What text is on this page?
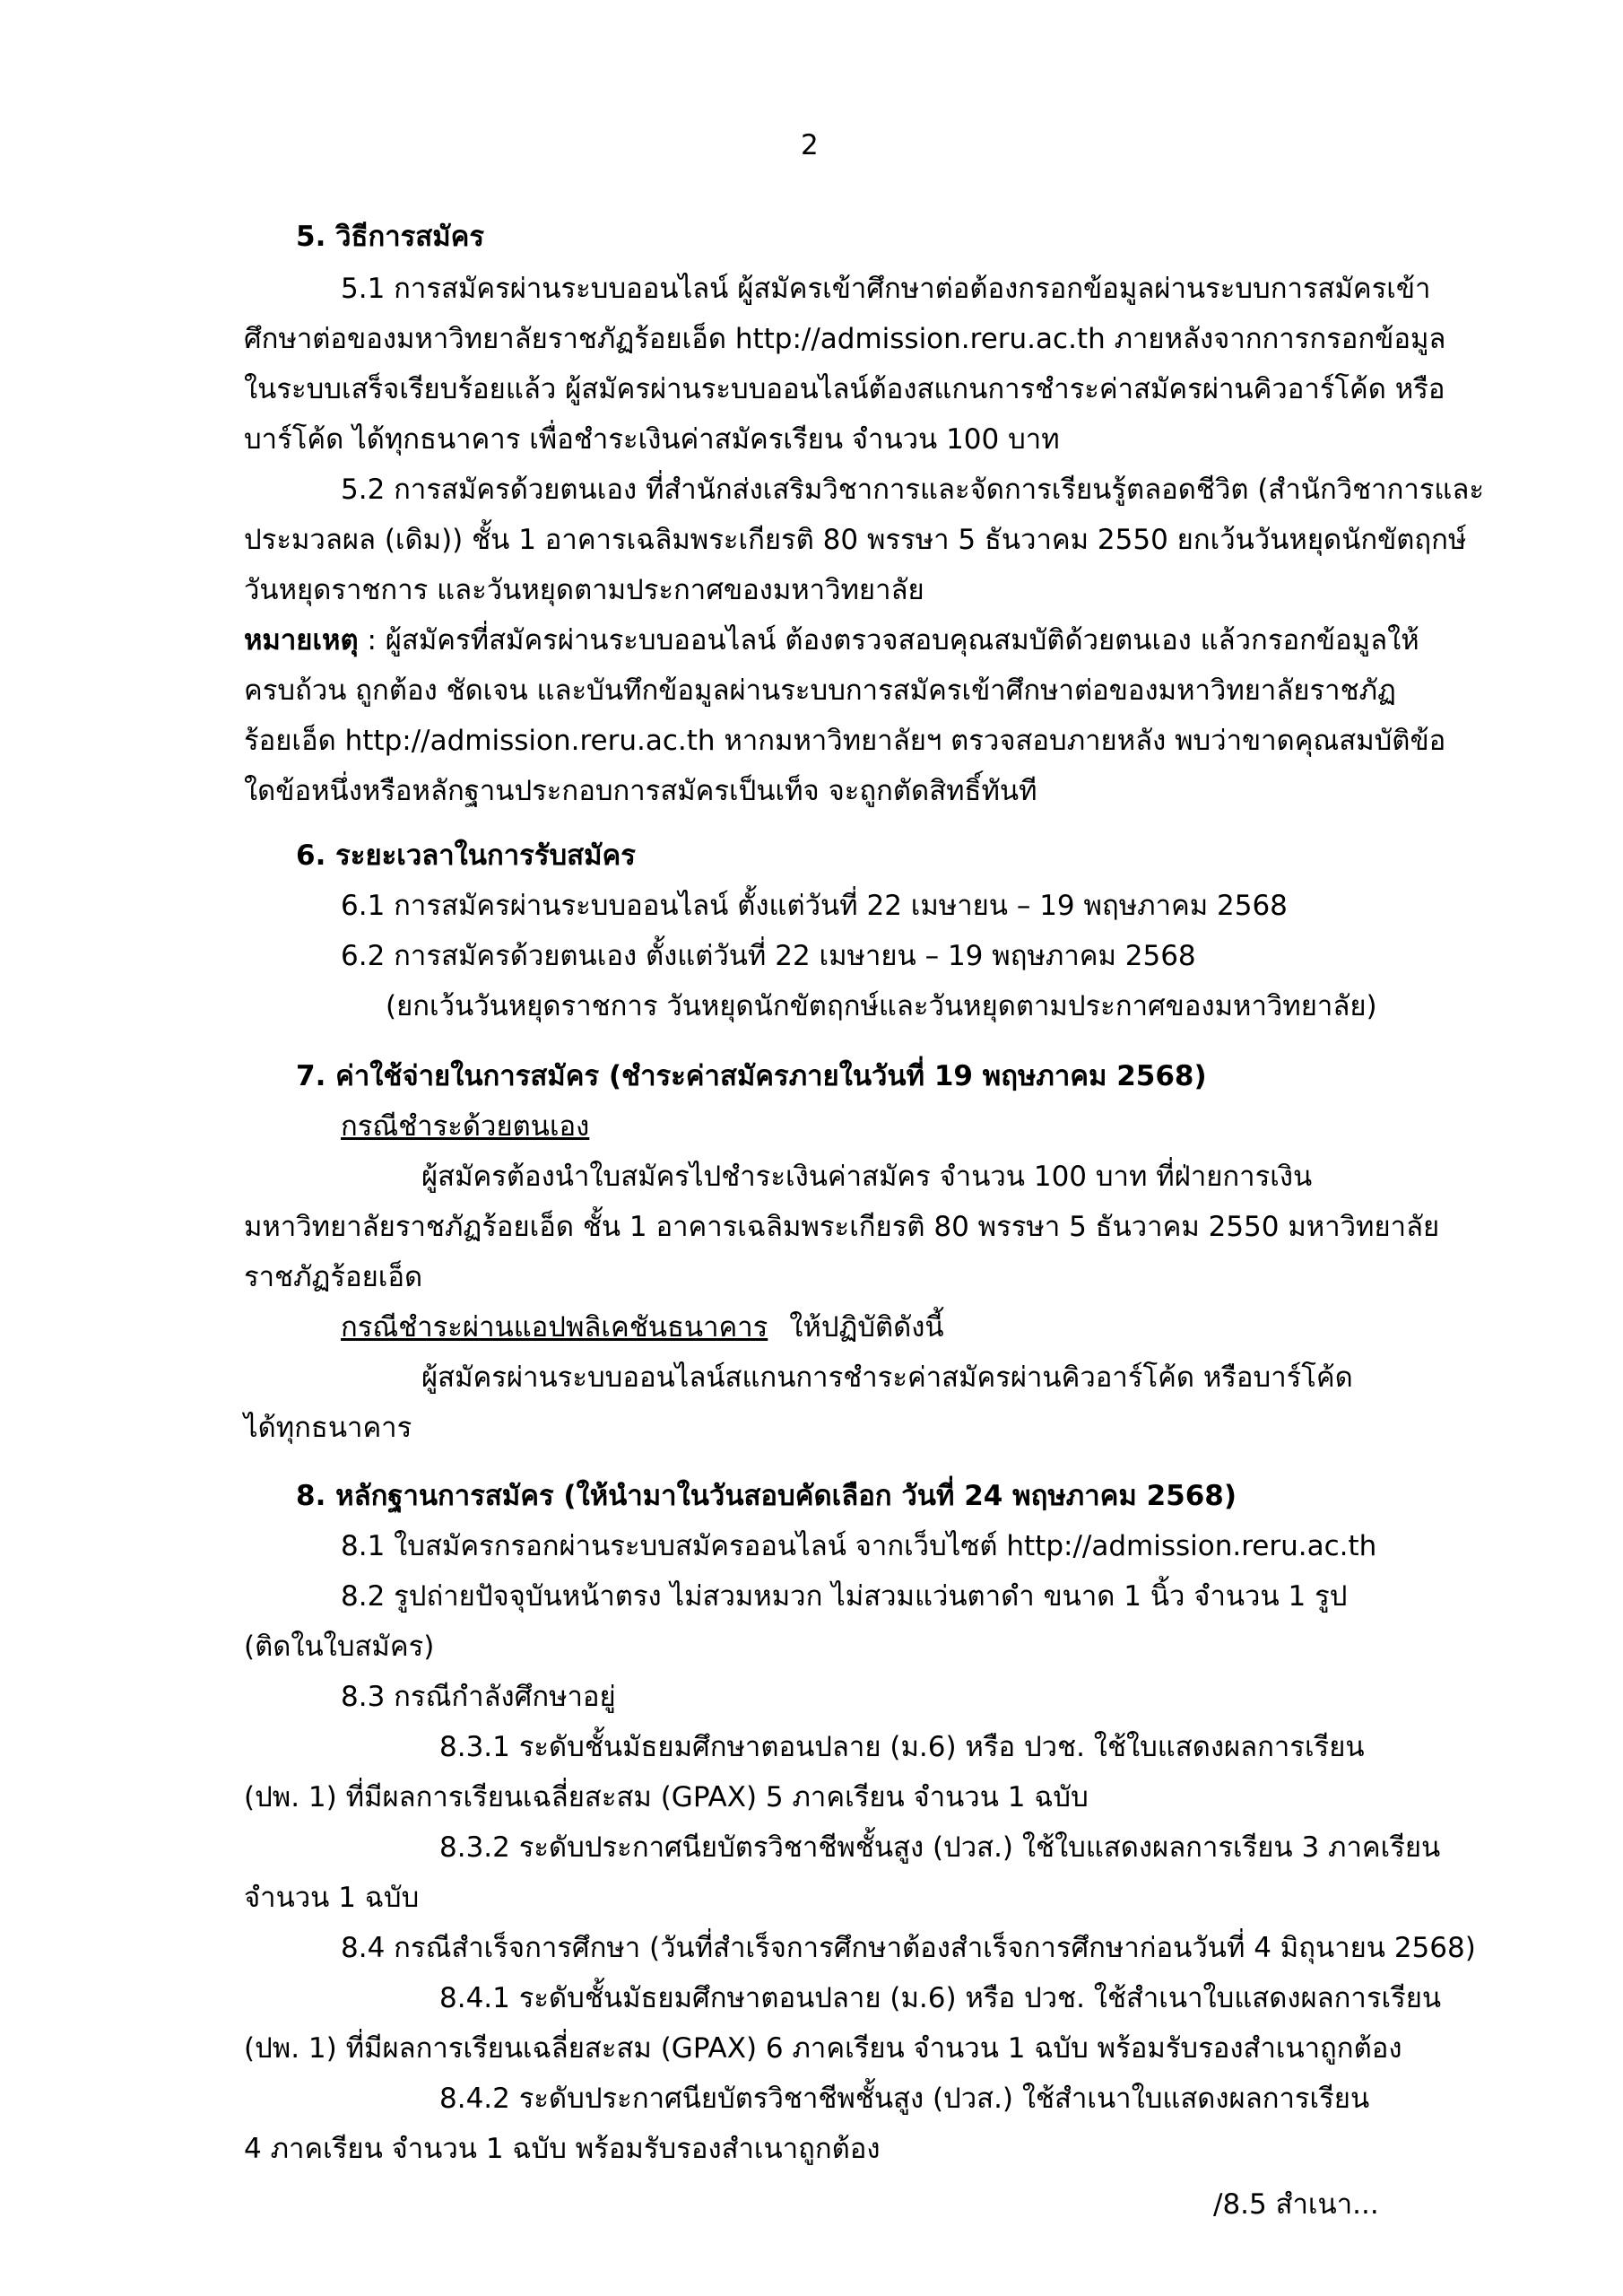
2
5. วิธีการสมัคร
5.1 การสมัครผ่านระบบออนไลน์ ผู้สมัครเข้าศึกษาต่อต้องกรอกข้อมูลผ่านระบบการสมัครเข้า
ศึกษาต่อของมหาวิทยาลัยราชภัฏร้อยเอ็ด http://admission.reru.ac.th ภายหลังจากการกรอกข้อมูล
ในระบบเสร็จเรียบร้อยแล้ว ผู้สมัครผ่านระบบออนไลน์ต้องสแกนการชำระค่าสมัครผ่านคิวอาร์โค้ด หรือ
บาร์โค้ด ได้ทุกธนาคาร เพื่อชำระเงินค่าสมัครเรียน จำนวน 100 บาท
5.2 การสมัครด้วยตนเอง ที่สำนักส่งเสริมวิชาการและจัดการเรียนรู้ตลอดชีวิต (สำนักวิชาการและ
ประมวลผล (เดิม)) ชั้น 1 อาคารเฉลิมพระเกียรติ 80 พรรษา 5 ธันวาคม 2550 ยกเว้นวันหยุดนักขัตฤกษ์
วันหยุดราชการ และวันหยุดตามประกาศของมหาวิทยาลัย
หมายเหตุ : ผู้สมัครที่สมัครผ่านระบบออนไลน์ ต้องตรวจสอบคุณสมบัติด้วยตนเอง แล้วกรอกข้อมูลให้
ครบถ้วน ถูกต้อง ชัดเจน และบันทึกข้อมูลผ่านระบบการสมัครเข้าศึกษาต่อของมหาวิทยาลัยราชภัฏ
ร้อยเอ็ด http://admission.reru.ac.th หากมหาวิทยาลัยฯ ตรวจสอบภายหลัง พบว่าขาดคุณสมบัติข้อ
ใดข้อหนึ่งหรือหลักฐานประกอบการสมัครเป็นเท็จ จะถูกตัดสิทธิ์ทันที
6. ระยะเวลาในการรับสมัคร
6.1 การสมัครผ่านระบบออนไลน์ ตั้งแต่วันที่ 22 เมษายน – 19 พฤษภาคม 2568
6.2 การสมัครด้วยตนเอง ตั้งแต่วันที่ 22 เมษายน – 19 พฤษภาคม 2568
(ยกเว้นวันหยุดราชการ วันหยุดนักขัตฤกษ์และวันหยุดตามประกาศของมหาวิทยาลัย)
7. ค่าใช้จ่ายในการสมัคร (ชำระค่าสมัครภายในวันที่ 19 พฤษภาคม 2568)
กรณีชำระด้วยตนเอง
ผู้สมัครต้องนำใบสมัครไปชำระเงินค่าสมัคร จำนวน 100 บาท ที่ฝ่ายการเงิน
มหาวิทยาลัยราชภัฏร้อยเอ็ด ชั้น 1 อาคารเฉลิมพระเกียรติ 80 พรรษา 5 ธันวาคม 2550 มหาวิทยาลัย
ราชภัฏร้อยเอ็ด
กรณีชำระผ่านแอปพลิเคชันธนาคาร ให้ปฏิบัติดังนี้
ผู้สมัครผ่านระบบออนไลน์สแกนการชำระค่าสมัครผ่านคิวอาร์โค้ด หรือบาร์โค้ด
ได้ทุกธนาคาร
8. หลักฐานการสมัคร (ให้นำมาในวันสอบคัดเลือก วันที่ 24 พฤษภาคม 2568)
8.1 ใบสมัครกรอกผ่านระบบสมัครออนไลน์ จากเว็บไซต์ http://admission.reru.ac.th
8.2 รูปถ่ายปัจจุบันหน้าตรง ไม่สวมหมวก ไม่สวมแว่นตาดำ ขนาด 1 นิ้ว จำนวน 1 รูป
(ติดในใบสมัคร)
8.3 กรณีกำลังศึกษาอยู่
8.3.1 ระดับชั้นมัธยมศึกษาตอนปลาย (ม.6) หรือ ปวช. ใช้ใบแสดงผลการเรียน
(ปพ. 1) ที่มีผลการเรียนเฉลี่ยสะสม (GPAX) 5 ภาคเรียน จำนวน 1 ฉบับ
8.3.2 ระดับประกาศนียบัตรวิชาชีพชั้นสูง (ปวส.) ใช้ใบแสดงผลการเรียน 3 ภาคเรียน
จำนวน 1 ฉบับ
8.4 กรณีสำเร็จการศึกษา (วันที่สำเร็จการศึกษาต้องสำเร็จการศึกษาก่อนวันที่ 4 มิถุนายน 2568)
8.4.1 ระดับชั้นมัธยมศึกษาตอนปลาย (ม.6) หรือ ปวช. ใช้สำเนาใบแสดงผลการเรียน
(ปพ. 1) ที่มีผลการเรียนเฉลี่ยสะสม (GPAX) 6 ภาคเรียน จำนวน 1 ฉบับ พร้อมรับรองสำเนาถูกต้อง
8.4.2 ระดับประกาศนียบัตรวิชาชีพชั้นสูง (ปวส.) ใช้สำเนาใบแสดงผลการเรียน
4 ภาคเรียน จำนวน 1 ฉบับ พร้อมรับรองสำเนาถูกต้อง
/8.5 สำเนา...
